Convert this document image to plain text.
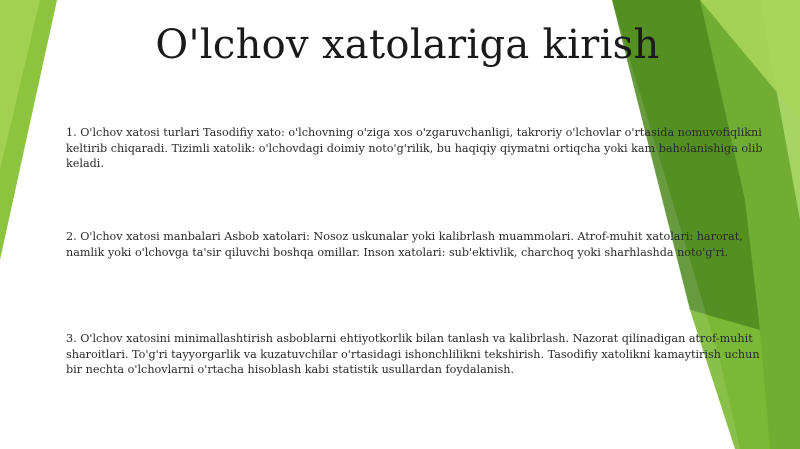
O'lchov xatolariga kirish
1. O'lchov xatosi turlari Tasodifiy xato: o'lchovning o'ziga xos o'zgaruvchanligi, takroriy o'lchovlar o'rtasida nomuvofiqlikni keltirib chiqaradi. Tizimli xatolik: o'lchovdagi doimiy noto'g'rilik, bu haqiqiy qiymatni ortiqcha yoki kam baholanishiga olib keladi.
2. O'lchov xatosi manbalari Asbob xatolari: Nosoz uskunalar yoki kalibrlash muammolari. Atrof-muhit xatolari: harorat, namlik yoki o'lchovga ta'sir qiluvchi boshqa omillar. Inson xatolari: sub'ektivlik, charchoq yoki sharhlashda noto'g'ri.
3. O'lchov xatosini minimallashtirish asboblarni ehtiyotkorlik bilan tanlash va kalibrlash. Nazorat qilinadigan atrof-muhit sharoitlari. To'g'ri tayyorgarlik va kuzatuvchilar o'rtasidagi ishonchlilikni tekshirish. Tasodifiy xatolikni kamaytirish uchun bir nechta o'lchovlarni o'rtacha hisoblash kabi statistik usullardan foydalanish.
